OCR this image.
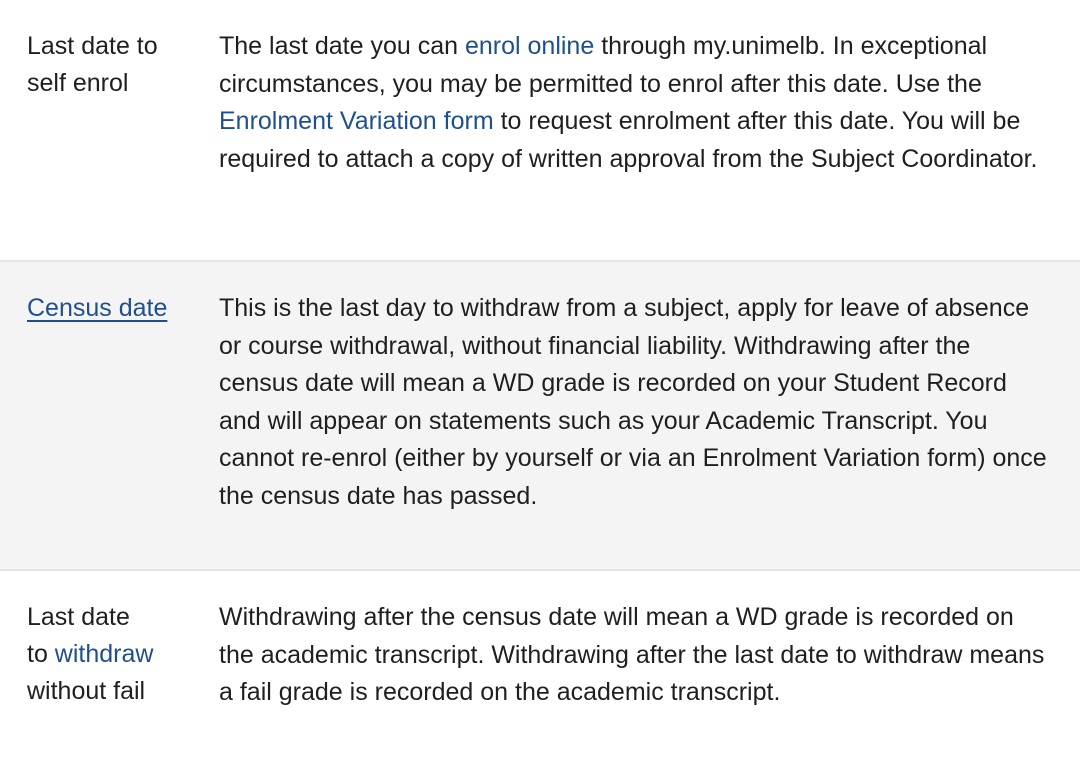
Last date to
self enrol
The last date you can enrol online through my.unimelb. In exceptional circumstances, you may be permitted to enrol after this date. Use the Enrolment Variation form to request enrolment after this date. You will be required to attach a copy of written approval from the Subject Coordinator.
Census date	This is the last day to withdraw from a subject, apply for leave of absence or course withdrawal, without financial liability. Withdrawing after the census date will mean a WD grade is recorded on your Student Record and will appear on statements such as your Academic Transcript. You cannot re-enrol (either by yourself or via an Enrolment Variation form) once the census date has passed.
Last date
to withdraw
without fail
Withdrawing after the census date will mean a WD grade is recorded on the academic transcript. Withdrawing after the last date to withdraw means a fail grade is recorded on the academic transcript.
